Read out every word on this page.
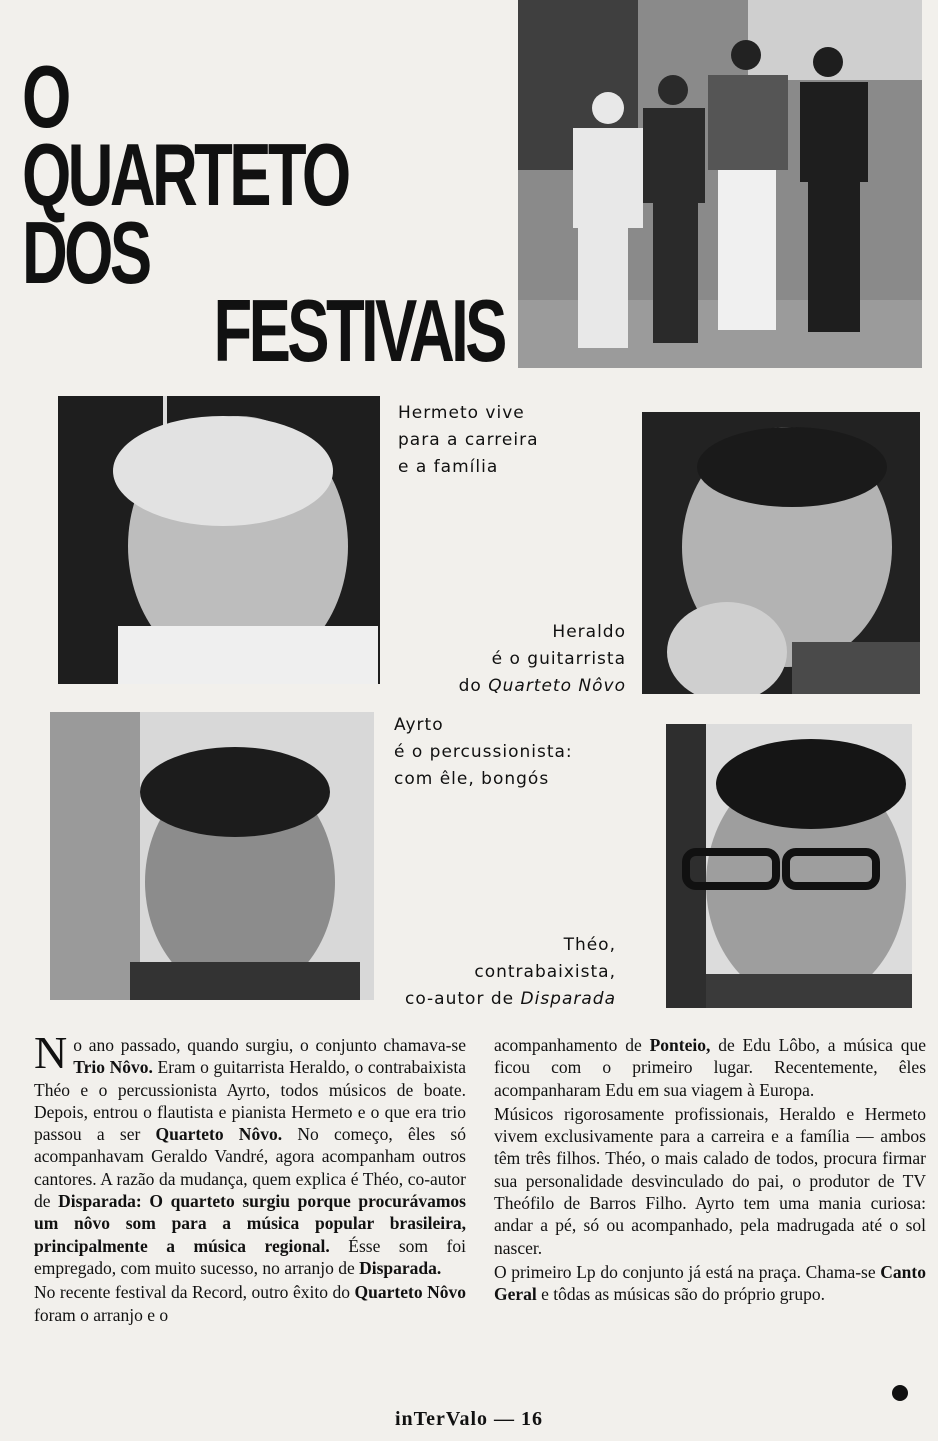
O QUARTETO DOS
FESTIVAIS
Hermeto vive
para a carreira
e a família
Heraldo
é o guitarrista
do Quarteto Nôvo
Ayrto
é o percussionista:
com êle, bongós
Théo,
contrabaixista,
co-autor de Disparada

No ano passado, quando surgiu, o conjunto chamava-se Trio Nôvo. Eram o guitarrista Heraldo, o contrabaixista Théo e o percussionista Ayrto, todos músicos de boate. Depois, entrou o flautista e pianista Hermeto e o que era trio passou a ser Quarteto Nôvo. No começo, êles só acompanhavam Geraldo Vandré, agora acompanham outros cantores. A razão da mudança, quem explica é Théo, co-autor de Disparada: O quarteto surgiu porque procurávamos um nôvo som para a música popular brasileira, principalmente a música regional. Ésse som foi empregado, com muito sucesso, no arranjo de Disparada.

No recente festival da Record, outro êxito do Quarteto Nôvo foram o arranjo e o

acompanhamento de Ponteio, de Edu Lôbo, a música que ficou com o primeiro lugar. Recentemente, êles acompanharam Edu em sua viagem à Europa.

Músicos rigorosamente profissionais, Heraldo e Hermeto vivem exclusivamente para a carreira e a família — ambos têm três filhos. Théo, o mais calado de todos, procura firmar sua personalidade desvinculado do pai, o produtor de TV Theófilo de Barros Filho. Ayrto tem uma mania curiosa: andar a pé, só ou acompanhado, pela madrugada até o sol nascer.

O primeiro Lp do conjunto já está na praça. Chama-se Canto Geral e tôdas as músicas são do próprio grupo.

inTerValo — 16
